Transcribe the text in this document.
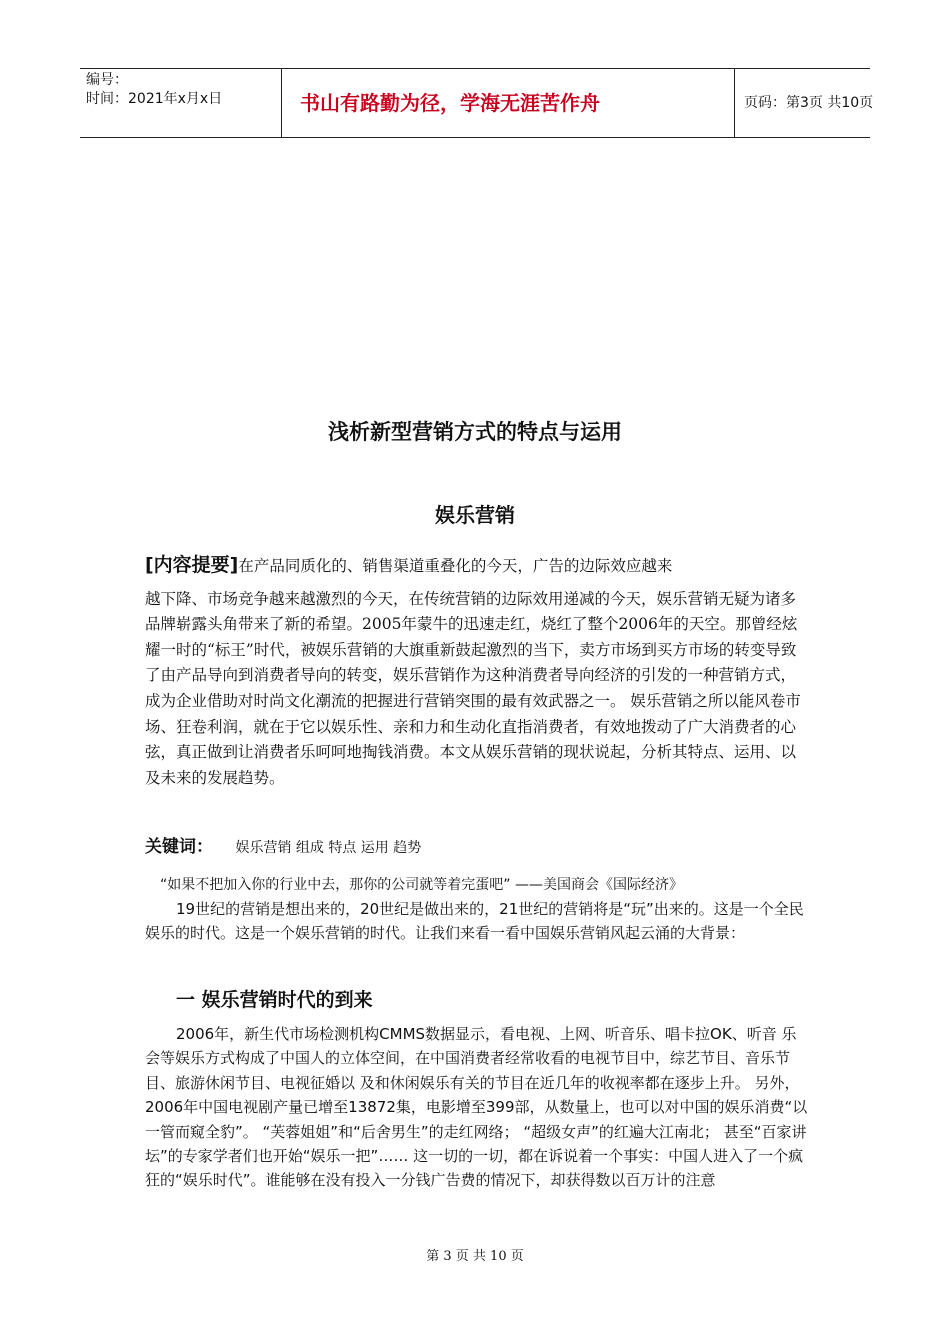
编号：
时间：2021年x月x日	书山有路勤为径，学海无涯苦作舟	页码：第3页 共10页
浅析新型营销方式的特点与运用
娱乐营销
[内容提要]在产品同质化的、销售渠道重叠化的今天，广告的边际效应越来
越下降、市场竞争越来越激烈的今天，在传统营销的边际效用递减的今天，娱乐营销无疑为诸多品牌崭露头角带来了新的希望。2005年蒙牛的迅速走红，烧红了整个2006年的天空。那曾经炫耀一时的“标王”时代，被娱乐营销的大旗重新鼓起激烈的当下，卖方市场到买方市场的转变导致了由产品导向到消费者导向的转变，娱乐营销作为这种消费者导向经济的引发的一种营销方式，成为企业借助对时尚文化潮流的把握进行营销突围的最有效武器之一。 娱乐营销之所以能风卷市场、狂卷利润，就在于它以娱乐性、亲和力和生动化直指消费者，有效地拨动了广大消费者的心弦，真正做到让消费者乐呵呵地掏钱消费。本文从娱乐营销的现状说起，分析其特点、运用、以及未来的发展趋势。
关键词： 娱乐营销 组成 特点 运用 趋势
“如果不把加入你的行业中去，那你的公司就等着完蛋吧” ——美国商会《国际经济》
19世纪的营销是想出来的，20世纪是做出来的，21世纪的营销将是“玩”出来的。这是一个全民娱乐的时代。这是一个娱乐营销的时代。让我们来看一看中国娱乐营销风起云涌的大背景：
一 娱乐营销时代的到来
2006年，新生代市场检测机构CMMS数据显示，看电视、上网、听音乐、唱卡拉OK、听音 乐会等娱乐方式构成了中国人的立体空间，在中国消费者经常收看的电视节目中，综艺节目、音乐节目、旅游休闲节目、电视征婚以 及和休闲娱乐有关的节目在近几年的收视率都在逐步上升。 另外，2006年中国电视剧产量已增至13872集，电影增至399部，从数量上，也可以对中国的娱乐消费“以一管而窥全豹”。 “芙蓉姐姐”和“后舍男生”的走红网络； “超级女声”的红遍大江南北； 甚至“百家讲坛”的专家学者们也开始“娱乐一把”…… 这一切的一切，都在诉说着一个事实：中国人进入了一个疯狂的“娱乐时代”。谁能够在没有投入一分钱广告费的情况下，却获得数以百万计的注意
第 3 页 共 10 页
